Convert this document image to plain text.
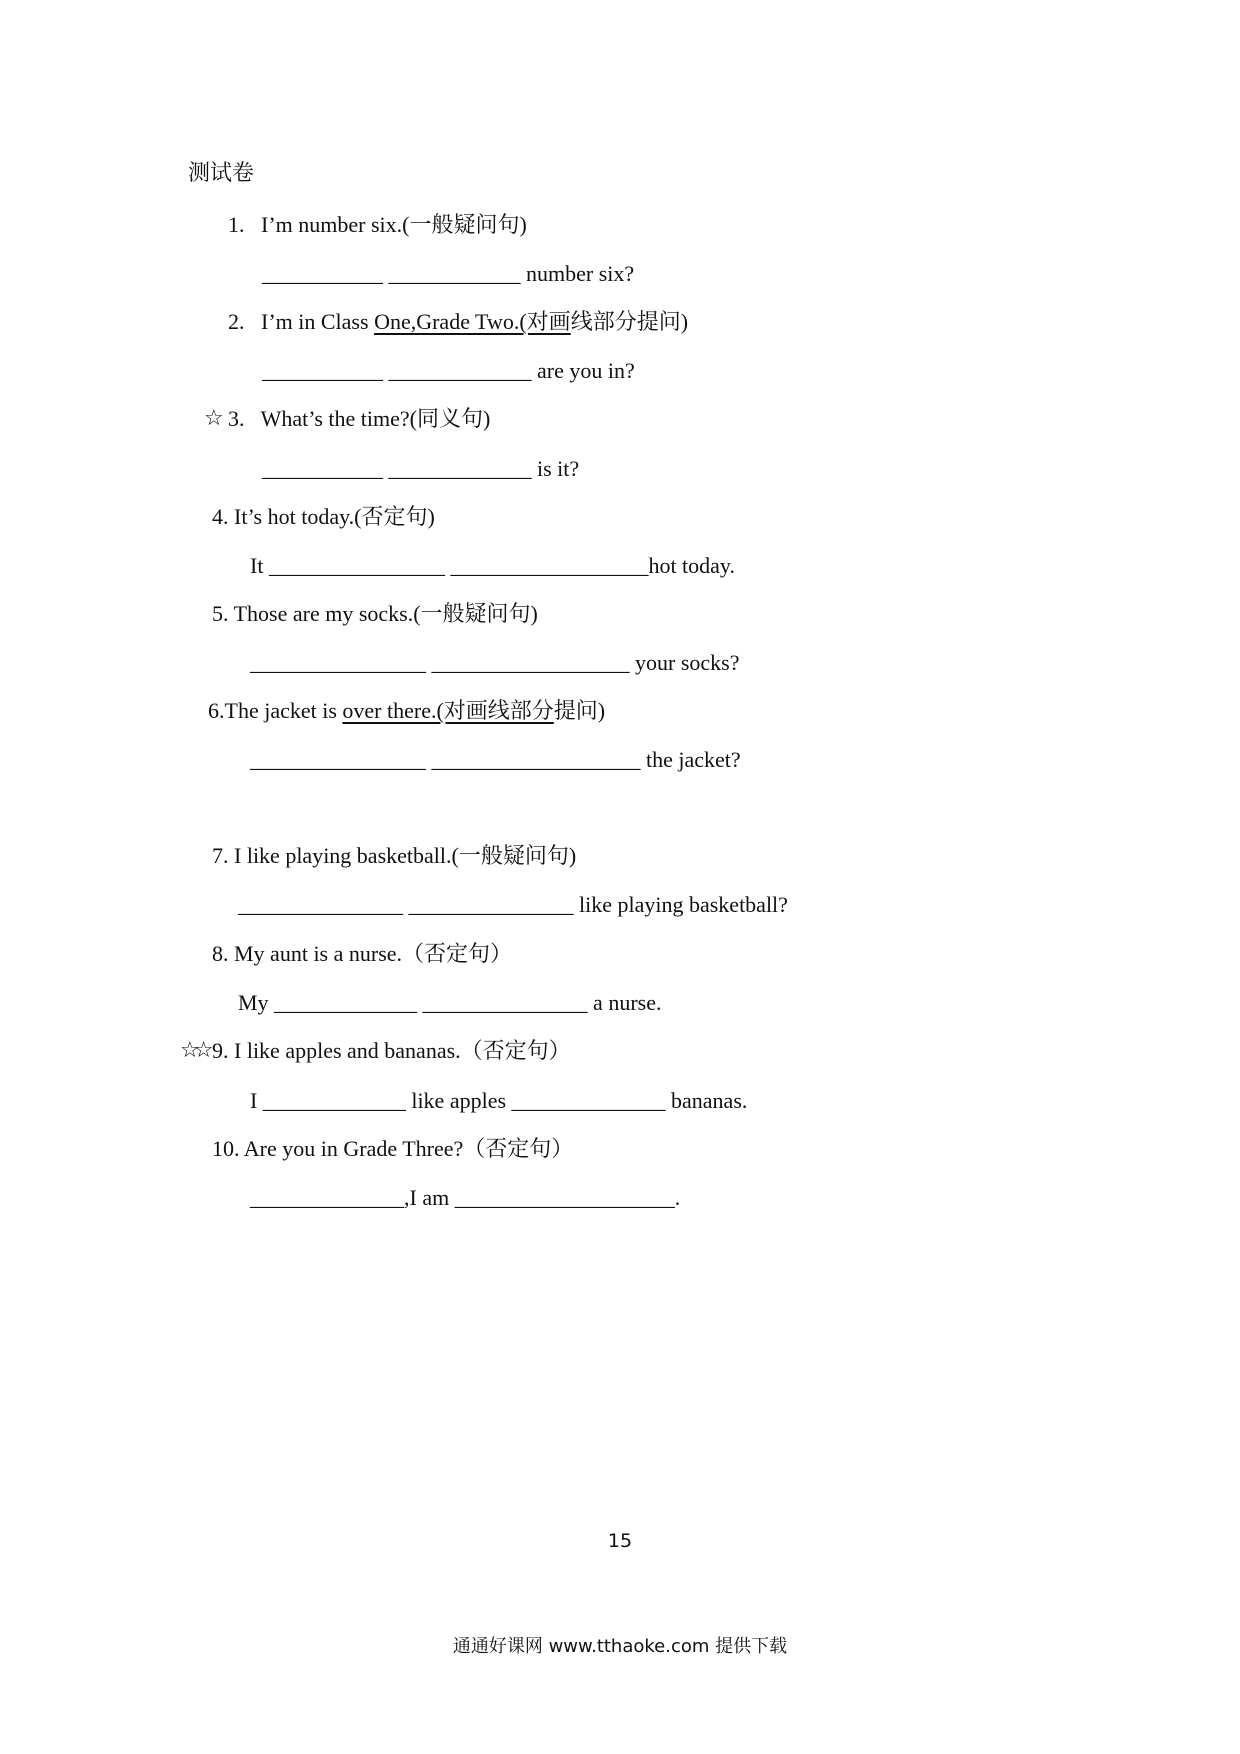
测试卷
1.   I’m number six.(一般疑问句)
___________ ____________ number six?
2.   I’m in Class One,Grade Two.(对画线部分提问)
___________ _____________ are you in?
☆ 3.   What’s the time?(同义句)
___________ _____________ is it?
4. It’s hot today.(否定句)
It ________________ __________________hot today.
5. Those are my socks.(一般疑问句)
________________ __________________ your socks?
6.The jacket is over there.(对画线部分提问)
________________ ___________________ the jacket?
7. I like playing basketball.(一般疑问句)
_______________ _______________ like playing basketball?
8. My aunt is a nurse.（否定句）
My _____________ _______________ a nurse.
☆☆ 9. I like apples and bananas.（否定句）
I _____________ like apples ______________ bananas.
10. Are you in Grade Three?（否定句）
______________,I am ____________________.
15
通通好课网 www.tthaoke.com 提供下载
